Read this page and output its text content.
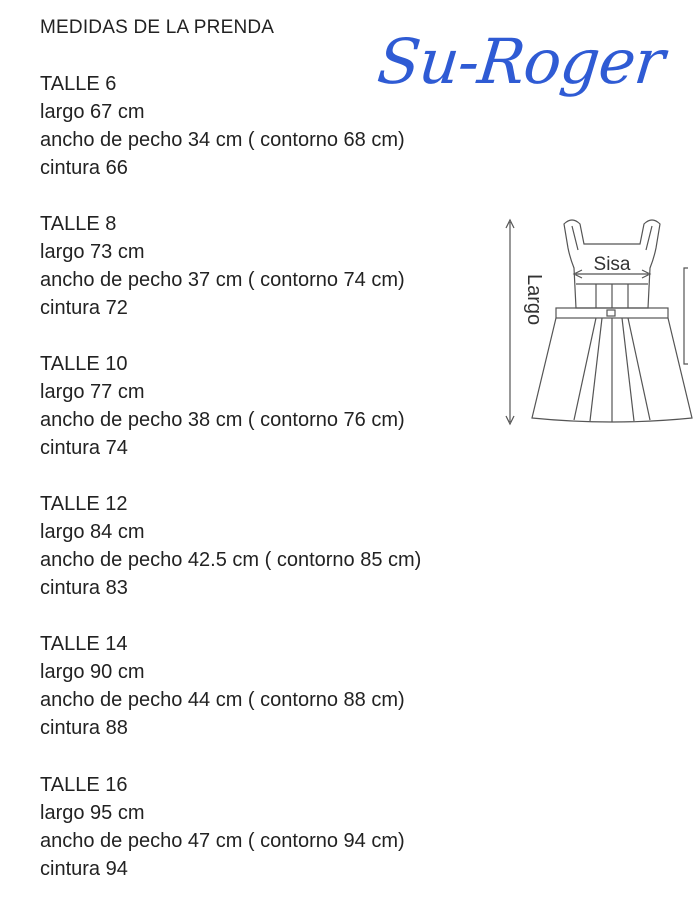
MEDIDAS DE LA PRENDA Su-Roger
TALLE 6
largo 67 cm
ancho de pecho 34 cm ( contorno 68 cm)
cintura 66
TALLE 8
largo 73 cm
ancho de pecho 37 cm ( contorno 74 cm)
cintura 72
TALLE 10
largo 77 cm
ancho de pecho 38 cm ( contorno 76 cm)
cintura 74
TALLE 12
largo 84 cm
ancho de pecho 42.5 cm ( contorno 85 cm)
cintura 83
TALLE 14
largo 90 cm
ancho de pecho 44 cm ( contorno 88 cm)
cintura 88
TALLE 16
largo 95 cm
ancho de pecho 47 cm ( contorno 94 cm)
cintura 94
Sisa
Largo
